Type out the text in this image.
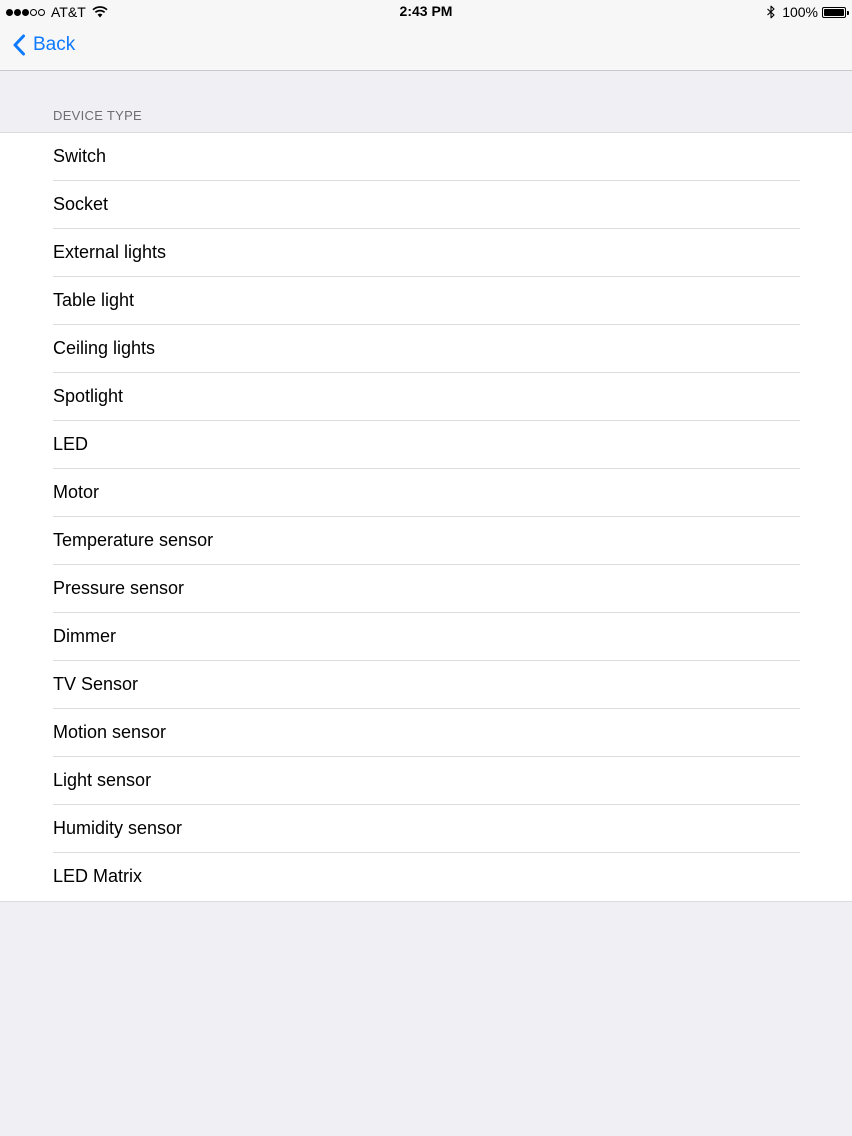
AT&T	2:43 PM	100%
Back
DEVICE TYPE
Switch
Socket
External lights
Table light
Ceiling lights
Spotlight
LED
Motor
Temperature sensor
Pressure sensor
Dimmer
TV Sensor
Motion sensor
Light sensor
Humidity sensor
LED Matrix
